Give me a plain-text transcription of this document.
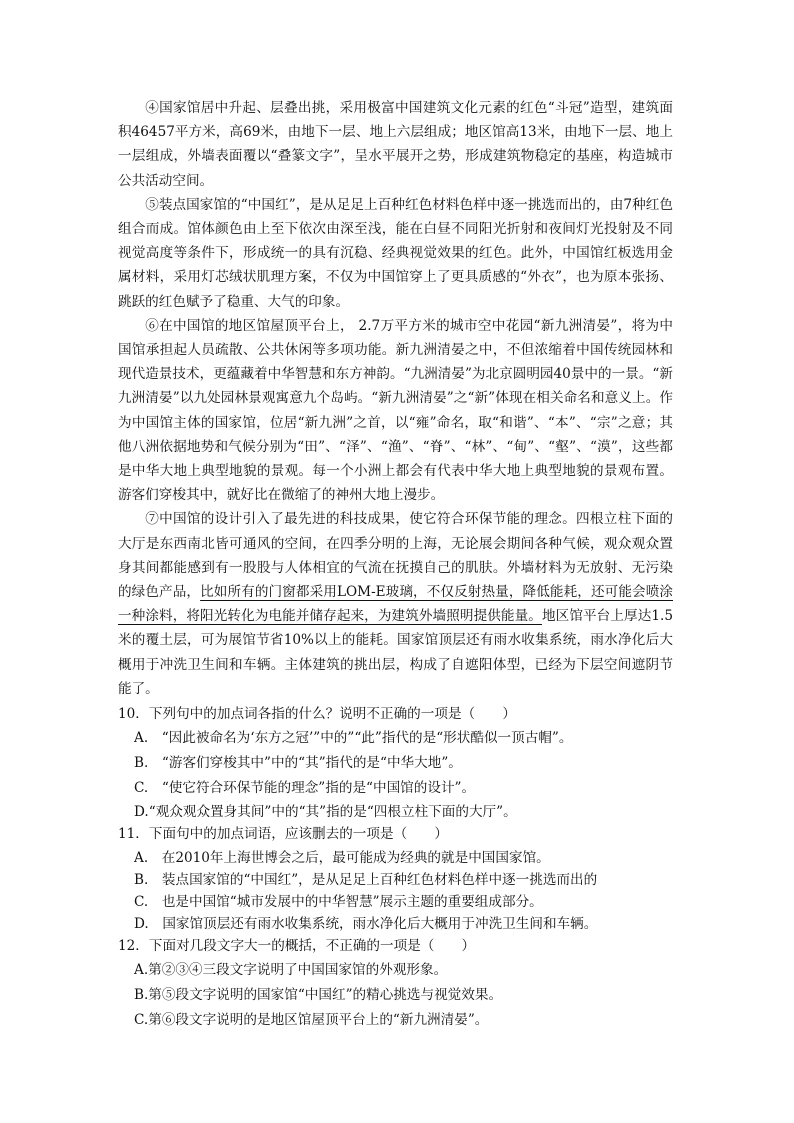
④国家馆居中升起、层叠出挑，采用极富中国建筑文化元素的红色“斗冠”造型，建筑面积46457平方米，高69米，由地下一层、地上六层组成；地区馆高13米，由地下一层、地上一层组成，外墙表面覆以“叠篆文字”，呈水平展开之势，形成建筑物稳定的基座，构造城市公共活动空间。

⑤装点国家馆的“中国红”，是从足足上百种红色材料色样中逐一挑选而出的，由7种红色组合而成。馆体颜色由上至下依次由深至浅，能在白昼不同阳光折射和夜间灯光投射及不同视觉高度等条件下，形成统一的具有沉稳、经典视觉效果的红色。此外，中国馆红板选用金属材料，采用灯芯绒状肌理方案，不仅为中国馆穿上了更具质感的“外衣”，也为原本张扬、跳跃的红色赋予了稳重、大气的印象。

⑥在中国馆的地区馆屋顶平台上， 2.7万平方米的城市空中花园“新九洲清晏”，将为中国馆承担起人员疏散、公共休闲等多项功能。新九洲清晏之中，不但浓缩着中国传统园林和现代造景技术，更蕴藏着中华智慧和东方神韵。“九洲清晏”为北京圆明园40景中的一景。“新九洲清晏”以九处园林景观寓意九个岛屿。“新九洲清晏”之“新”体现在相关命名和意义上。作为中国馆主体的国家馆，位居“新九洲”之首，以“雍”命名，取“和谐”、“本”、“宗”之意；其他八洲依据地势和气候分别为“田”、“泽”、“渔”、“脊”、“林”、“甸”、“壑”、“漠”，这些都是中华大地上典型地貌的景观。每一个小洲上都会有代表中华大地上典型地貌的景观布置。游客们穿梭其中，就好比在微缩了的神州大地上漫步。

⑦中国馆的设计引入了最先进的科技成果，使它符合环保节能的理念。四根立柱下面的大厅是东西南北皆可通风的空间，在四季分明的上海，无论展会期间各种气候，观众观众置身其间都能感到有一股股与人体相宜的气流在抚摸自己的肌肤。外墙材料为无放射、无污染的绿色产品，比如所有的门窗都采用LOM-E玻璃，不仅反射热量，降低能耗，还可能会喷涂一种涂料，将阳光转化为电能并储存起来，为建筑外墙照明提供能量。地区馆平台上厚达1.5米的覆土层，可为展馆节省10%以上的能耗。国家馆顶层还有雨水收集系统，雨水净化后大概用于冲洗卫生间和车辆。主体建筑的挑出层，构成了自遮阳体型，已经为下层空间遮阴节能了。

10．下列句中的加点词各指的什么？说明不正确的一项是（　　）

A.　“因此被命名为‘东方之冠’”中的”“此”指代的是“形状酷似一顶古帽”。

B.　“游客们穿梭其中”中的“其”指代的是“中华大地”。

C.　“使它符合环保节能的理念”指的是“中国馆的设计”。

D.“观众观众置身其间”中的“其”指的是“四根立柱下面的大厅”。

11．下面句中的加点词语，应该删去的一项是（　　）

A.　在2010年上海世博会之后，最可能成为经典的就是中国国家馆。

B.　装点国家馆的“中国红”，是从足足上百种红色材料色样中逐一挑选而出的

C.　也是中国馆“城市发展中的中华智慧”展示主题的重要组成部分。

D.　国家馆顶层还有雨水收集系统，雨水净化后大概用于冲洗卫生间和车辆。

12．下面对几段文字大一的概括，不正确的一项是（　　）

A.第②③④三段文字说明了中国国家馆的外观形象。

B.第⑤段文字说明的国家馆“中国红”的精心挑选与视觉效果。

C.第⑥段文字说明的是地区馆屋顶平台上的“新九洲清晏”。
